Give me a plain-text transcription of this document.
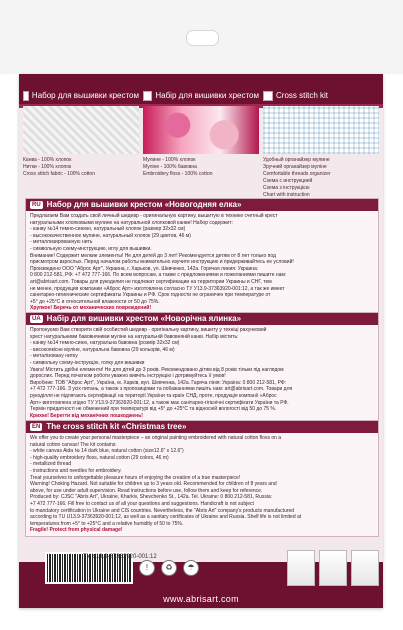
Набор для вышивки крестом
Канва - 100% хлопок
Нитки - 100% хлопок
Cross stitch fabric - 100% cotton
Набір для вишивки хрестом
Мулине - 100% хлопок
Муліне - 100% бавовна
Embroidery floss - 100% cotton
Cross stitch kit
Удобный органайзер мулине
Зручний органайзер муліне
Comfortable threads organizer
Схема с инструкцией
Схема з інструкцією
Chart with instruction
RU Набор для вышивки крестом «Новогодняя елка»
Предлагаем Вам создать свой личный шедевр - оригинальную картину, вышитую в технике счетный крест
натуральными хлопковыми мулине на натуральной хлопковой канве! Набор содержит:
- канву №14 темно-синюю, натуральный хлопок (размер 32x32 см)
- высококачественное мулине, натуральный хлопок (29 цветов, 46 м)
- металлизированную нить
- символьную схему-инструкцию, иглу для вышивки.
Внимание! Содержит мелкие элементы! Не для детей до 3 лет! Рекомендуется детям от 8 лет только под
присмотром взрослых. Перед началом работы внимательно изучите инструкцию и придерживайтесь ее условий!
Произведено ООО "Аброс Арт", Украина, г. Харьков, ул. Шевченко, 142а. Горячая линия: Украина:
0 800 212-581, РФ: +7 472 777-166. По всем вопросам, а также с предложениями и пожеланиями пишите нам:
art@abrisart.com. Товары для рукоделия не подлежат сертификации на территории Украины и СНГ, тем
не менее, продукция компании «Аброс Арт» изготовлена согласно ТУ У13.9-37363920-001:12, а так же имеет
санитарно-гигиенические сертификаты Украины и РФ. Срок годности не ограничен при температуре от
+5° до +25°С и относительной влажности от 50 до 75%.
Хрупкое! Беречь от механических повреждений!
UA Набір для вишивки хрестом «Новорічна ялинка»
Пропонуємо Вам створити свій особистий шедевр - оригінальну картину, вишиту у техніці рахунковий
хрест натуральними бавовняними муліне на натуральній бавовняній канві. Набір містить:
- канву №14 темно-синю, натуральна бавовна (розмір 32x32 см)
- високоякісне муліне, натуральна бавовна (29 кольорів, 46 м)
- металізовану нитку
- символьну схему-інструкцію, голку для вишивки
Увага! Містить дрібні елементи! Не для дітей до 3 років. Рекомендовано дітям від 8 років тільки під наглядом
дорослих. Перед початком роботи уважно вивчіть інструкцію і дотримуйтесь її умов!
Виробник: ТОВ "Аброс Арт", Україна, м. Харків, вул. Шевченка, 142а. Гаряча лінія: Україна: 0 800 212-581, РФ:
+7 472 777-166. З усіх питань, а також з пропозиціями та побажаннями пишіть нам: art@abrisart.com. Товари для
рукоділля не підлягають сертифікації на території України та країн СНД, проте, продукція компанії «Аброс
Арт» виготовлена згідно ТУ У13.9-37363920-001:12, а також має санітарно-гігієнічні сертифікати України та РФ.
Термін придатності не обмежений при температурі від +5° до +25°С та відносній вологості від 50 до 75 %.
Крихке! Берегти від механічних пошкоджень!
EN The cross stitch kit «Christmas tree»
We offer you to create your personal masterpiece – an original painting embroidered with natural cotton floss on a
natural cotton canvas! The kit contains:
- white canvas Aida № 14 dark blue, natural cotton (size12.6" x 12.6")
- high-quality embroidery floss, natural cotton (29 colors, 46 m)
- metallized thread
- instructions and needles for embroidery.
Treat yourselves to unforgettable pleasure hours of enjoying the creation of a true masterpiece!
Warning! Choking Hazard. Not suitable for children up to 3 years old. Recommended for children of 8 years and
above, for use under adult supervision. Read instructions before use, follow them and keep for reference.
Produced by: CJSC "Abris Art", Ukraine, Kharkiv, Shevchenko St., 142a. Tel. Ukraine: 0 800 212-581, Russia:
+7 472 777-166. Fill free to contact us of all your questions and suggestions. Handicraft is not subject
to mandatory certification in Ukraine and CIS countries. Nevertheless, the "Abris Art" company's products manufactured
according to TU U13.9-37363920-001:12, as well as a sanitary certificates of Ukraine and Russia. Shelf life is not limited at
temperatures from +5° to +25°C and a relative humidity of 50 to 75%.
Fragile! Protect from physical damage!
ТУ У13.9-37363920-001:12
!	♻	☂
www.abrisart.com
